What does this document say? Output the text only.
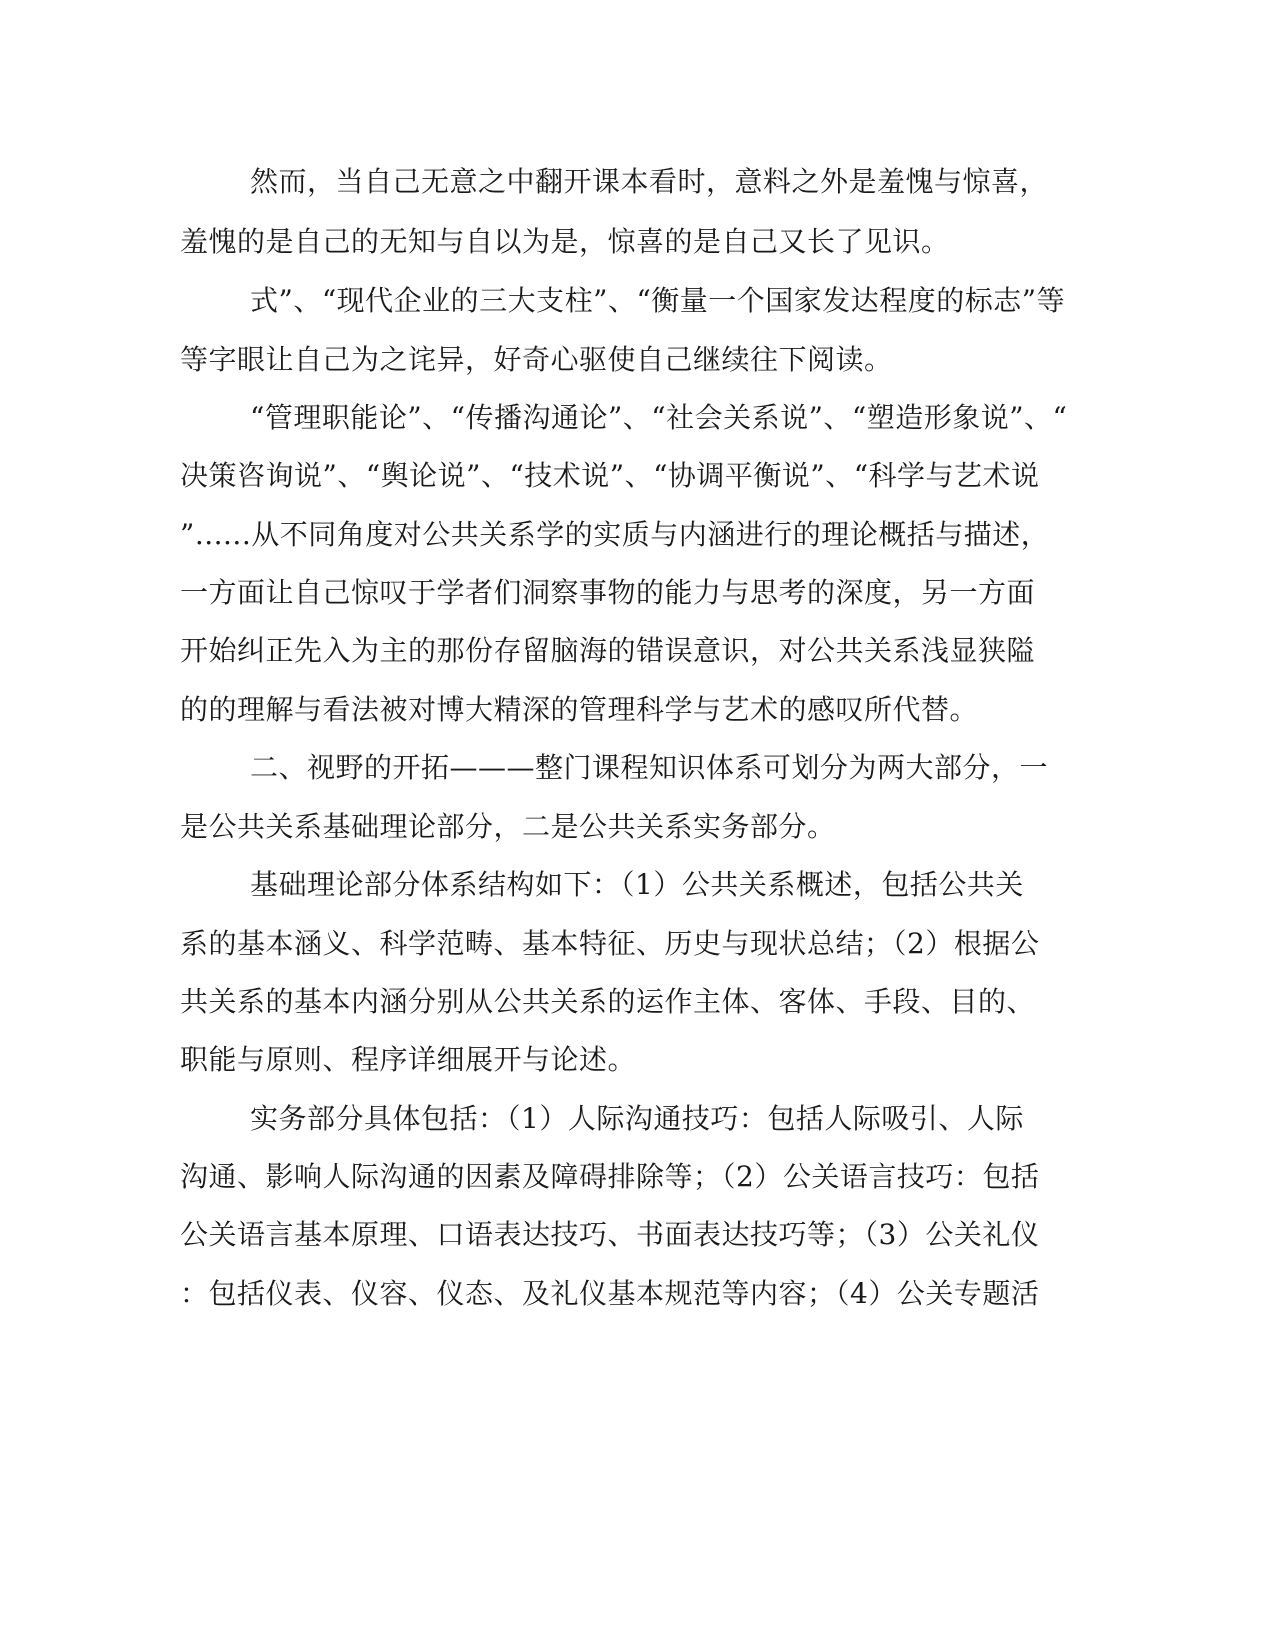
然而，当自己无意之中翻开课本看时，意料之外是羞愧与惊喜，
羞愧的是自己的无知与自以为是，惊喜的是自己又长了见识。
式”、“现代企业的三大支柱”、“衡量一个国家发达程度的标志”等
等字眼让自己为之诧异，好奇心驱使自己继续往下阅读。
“管理职能论”、“传播沟通论”、“社会关系说”、“塑造形象说”、“
决策咨询说”、“舆论说”、“技术说”、“协调平衡说”、“科学与艺术说
”......从不同角度对公共关系学的实质与内涵进行的理论概括与描述，
一方面让自己惊叹于学者们洞察事物的能力与思考的深度，另一方面
开始纠正先入为主的那份存留脑海的错误意识，对公共关系浅显狭隘
的的理解与看法被对博大精深的管理科学与艺术的感叹所代替。
二、视野的开拓———整门课程知识体系可划分为两大部分，一
是公共关系基础理论部分，二是公共关系实务部分。
基础理论部分体系结构如下：（1）公共关系概述，包括公共关
系的基本涵义、科学范畴、基本特征、历史与现状总结；（2）根据公
共关系的基本内涵分别从公共关系的运作主体、客体、手段、目的、
职能与原则、程序详细展开与论述。
实务部分具体包括：（1）人际沟通技巧：包括人际吸引、人际
沟通、影响人际沟通的因素及障碍排除等；（2）公关语言技巧：包括
公关语言基本原理、口语表达技巧、书面表达技巧等；（3）公关礼仪
：包括仪表、仪容、仪态、及礼仪基本规范等内容；（4）公关专题活
